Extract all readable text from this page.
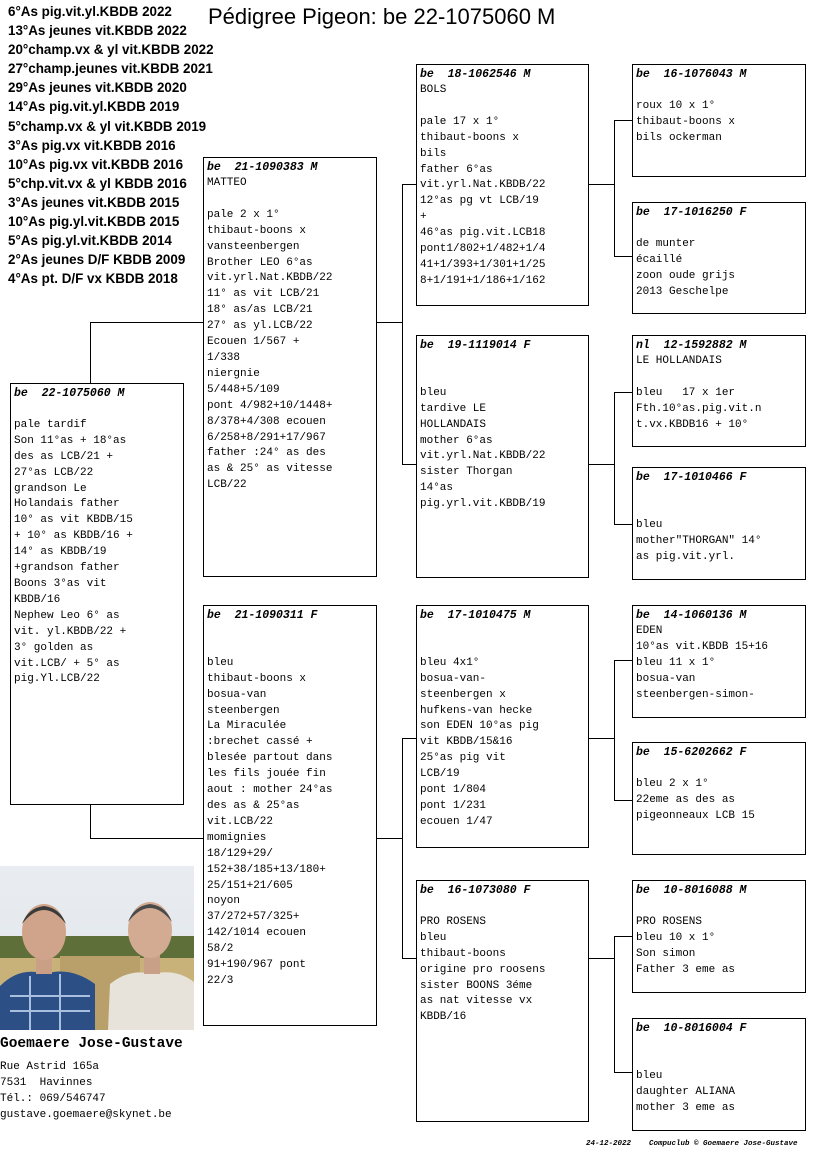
Pédigree Pigeon: be 22-1075060 M
6°As pig.vit.yl.KBDB 2022
13°As jeunes vit.KBDB 2022
20°champ.vx & yl vit.KBDB 2022
27°champ.jeunes vit.KBDB 2021
29°As jeunes vit.KBDB 2020
14°As pig.vit.yl.KBDB 2019
5°champ.vx & yl vit.KBDB 2019
3°As pig.vx vit.KBDB 2016
10°As pig.vx vit.KBDB 2016
5°chp.vit.vx & yl KBDB 2016
3°As jeunes vit.KBDB 2015
10°As pig.yl.vit.KBDB 2015
5°As pig.yl.vit.KBDB 2014
2°As jeunes D/F KBDB 2009
4°As pt. D/F vx KBDB 2018
be  22-1075060 M

pale tardif
Son 11°as + 18°as
des as LCB/21 +
27°as LCB/22
grandson Le
Holandais father
10° as vit KBDB/15
+ 10° as KBDB/16 +
14° as KBDB/19
+grandson father
Boons 3°as vit
KBDB/16
Nephew Leo 6° as
vit. yl.KBDB/22 +
3° golden as
vit.LCB/ + 5° as
pig.Yl.LCB/22
be  21-1090383 M
MATTEO

pale 2 x 1°
thibaut-boons x
vansteenbergen
Brother LEO 6°as
vit.yrl.Nat.KBDB/22
11° as vit LCB/21
18° as/as LCB/21
27° as yl.LCB/22
Ecouen 1/567 +
1/338
niergnie
5/448+5/109
pont 4/982+10/1448+
8/378+4/308 ecouen
6/258+8/291+17/967
father :24° as des
as & 25° as vitesse
LCB/22
be  21-1090311 F

bleu
thibaut-boons x
bosua-van
steenbergen
La Miraculée
:brechet cassé +
blesée partout dans
les fils jouée fin
aout : mother 24°as
des as & 25°as
vit.LCB/22
momignies
18/129+29/
152+38/185+13/180+
25/151+21/605
noyon
37/272+57/325+
142/1014 ecouen
58/2
91+190/967 pont
22/3
be  18-1062546 M
BOLS

pale 17 x 1°
thibaut-boons x
bils
father 6°as
vit.yrl.Nat.KBDB/22
12°as pg vt LCB/19
+
46°as pig.vit.LCB18
pont1/802+1/482+1/4
41+1/393+1/301+1/25
8+1/191+1/186+1/162
be  19-1119014 F

bleu
tardive LE
HOLLANDAIS
mother 6°as
vit.yrl.Nat.KBDB/22
sister Thorgan
14°as
pig.yrl.vit.KBDB/19
be  17-1010475 M

bleu 4x1°
bosua-van-
steenbergen x
hufkens-van hecke
son EDEN 10°as pig
vit KBDB/15&16
25°as pig vit
LCB/19
pont 1/804
pont 1/231
ecouen 1/47
be  16-1073080 F

PRO ROSENS
bleu
thibaut-boons
origine pro roosens
sister BOONS 3éme
as nat vitesse vx
KBDB/16
be  16-1076043 M

roux 10 x 1°
thibaut-boons x
bils ockerman
be  17-1016250 F

de munter
écaillé
zoon oude grijs
2013 Geschelpe
nl  12-1592882 M
LE HOLLANDAIS

bleu   17 x 1er
Fth.10°as.pig.vit.n
t.vx.KBDB16 + 10°
be  17-1010466 F

bleu
mother"THORGAN" 14°
as pig.vit.yrl.
be  14-1060136 M
EDEN
10°as vit.KBDB 15+16
bleu 11 x 1°
bosua-van
steenbergen-simon-
be  15-6202662 F

bleu 2 x 1°
22eme as des as
pigeonneaux LCB 15
be  10-8016088 M

PRO ROSENS
bleu 10 x 1°
Son simon
Father 3 eme as
be  10-8016004 F

bleu
daughter ALIANA
mother 3 eme as
Goemaere Jose-Gustave
Rue Astrid 165a
7531  Havinnes
Tél.: 069/546747
gustave.goemaere@skynet.be
24-12-2022    Compuclub © Goemaere Jose-Gustave
